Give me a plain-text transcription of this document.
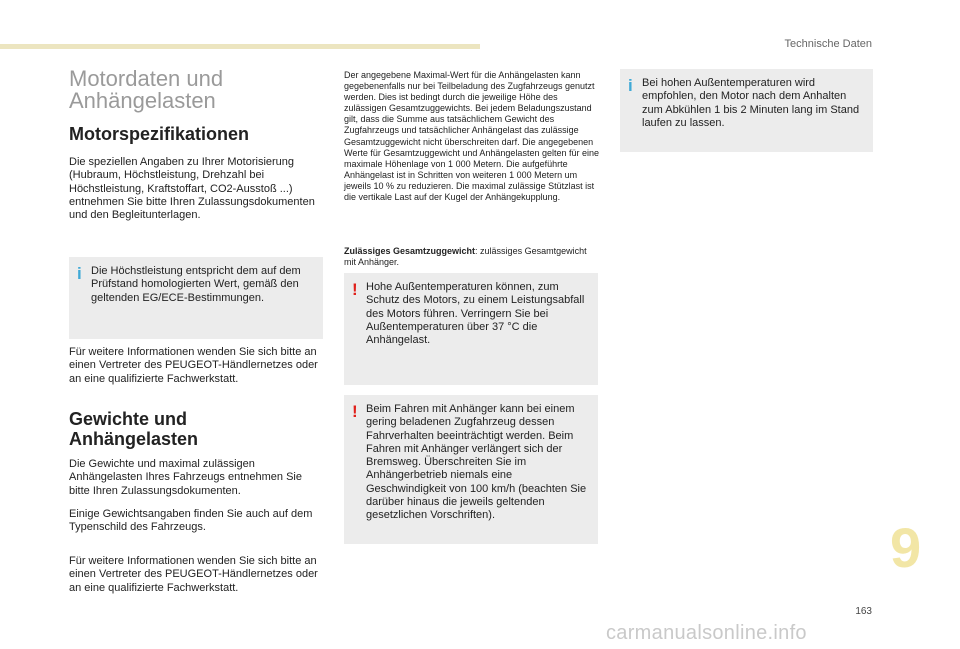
Technische Daten
Motordaten und Anhängelasten
Motorspezifikationen
Die speziellen Angaben zu Ihrer Motorisierung (Hubraum, Höchstleistung, Drehzahl bei Höchstleistung, Kraftstoffart, CO2-Ausstoß ...) entnehmen Sie bitte Ihren Zulassungsdokumenten und den Begleitunterlagen.
i Die Höchstleistung entspricht dem auf dem Prüfstand homologierten Wert, gemäß den geltenden EG/ECE-Bestimmungen.
Für weitere Informationen wenden Sie sich bitte an einen Vertreter des PEUGEOT-Händlernetzes oder an eine qualifizierte Fachwerkstatt.
Gewichte und Anhängelasten
Die Gewichte und maximal zulässigen Anhängelasten Ihres Fahrzeugs entnehmen Sie bitte Ihren Zulassungsdokumenten.
Einige Gewichtsangaben finden Sie auch auf dem Typenschild des Fahrzeugs.
Für weitere Informationen wenden Sie sich bitte an einen Vertreter des PEUGEOT-Händlernetzes oder an eine qualifizierte Fachwerkstatt.
Der angegebene Maximal-Wert für die Anhängelasten kann gegebenenfalls nur bei Teilbeladung des Zugfahrzeugs genutzt werden. Dies ist bedingt durch die jeweilige Höhe des zulässigen Gesamtzuggewichts. Bei jedem Beladungszustand gilt, dass die Summe aus tatsächlichem Gewicht des Zugfahrzeugs und tatsächlicher Anhängelast das zulässige Gesamtzuggewicht nicht überschreiten darf. Die angegebenen Werte für Gesamtzuggewicht und Anhängelasten gelten für eine maximale Höhenlage von 1 000 Metern. Die aufgeführte Anhängelast ist in Schritten von weiteren 1 000 Metern um jeweils 10 % zu reduzieren. Die maximal zulässige Stützlast ist die vertikale Last auf der Kugel der Anhängekupplung.
Zulässiges Gesamtzuggewicht: zulässiges Gesamtgewicht mit Anhänger.
! Hohe Außentemperaturen können, zum Schutz des Motors, zu einem Leistungsabfall des Motors führen. Verringern Sie bei Außentemperaturen über 37 °C die Anhängelast.
! Beim Fahren mit Anhänger kann bei einem gering beladenen Zugfahrzeug dessen Fahrverhalten beeinträchtigt werden. Beim Fahren mit Anhänger verlängert sich der Bremsweg. Überschreiten Sie im Anhängerbetrieb niemals eine Geschwindigkeit von 100 km/h (beachten Sie darüber hinaus die jeweils geltenden gesetzlichen Vorschriften).
i Bei hohen Außentemperaturen wird empfohlen, den Motor nach dem Anhalten zum Abkühlen 1 bis 2 Minuten lang im Stand laufen zu lassen.
9
163
carmanualsonline.info
